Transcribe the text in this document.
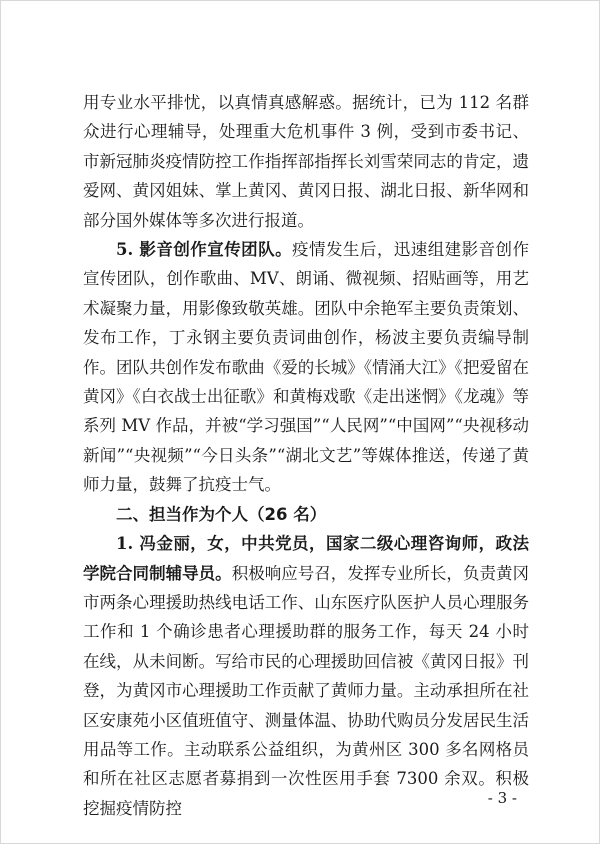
用专业水平排忧，以真情真感解惑。据统计，已为 112 名群众进行心理辅导，处理重大危机事件 3 例，受到市委书记、市新冠肺炎疫情防控工作指挥部指挥长刘雪荣同志的肯定，遗爱网、黄冈姐妹、掌上黄冈、黄冈日报、湖北日报、新华网和部分国外媒体等多次进行报道。

5. 影音创作宣传团队。疫情发生后，迅速组建影音创作宣传团队，创作歌曲、MV、朗诵、微视频、招贴画等，用艺术凝聚力量，用影像致敬英雄。团队中余艳军主要负责策划、发布工作，丁永钢主要负责词曲创作，杨波主要负责编导制作。团队共创作发布歌曲《爱的长城》《情涌大江》《把爱留在黄冈》《白衣战士出征歌》和黄梅戏歌《走出迷惘》《龙魂》等系列 MV 作品，并被“学习强国”“人民网”“中国网”“央视移动新闻”“央视频”“今日头条”“湖北文艺”等媒体推送，传递了黄师力量，鼓舞了抗疫士气。

二、担当作为个人（26 名）

1. 冯金丽，女，中共党员，国家二级心理咨询师，政法学院合同制辅导员。积极响应号召，发挥专业所长，负责黄冈市两条心理援助热线电话工作、山东医疗队医护人员心理服务工作和 1 个确诊患者心理援助群的服务工作，每天 24 小时在线，从未间断。写给市民的心理援助回信被《黄冈日报》刊登，为黄冈市心理援助工作贡献了黄师力量。主动承担所在社区安康苑小区值班值守、测量体温、协助代购员分发居民生活用品等工作。主动联系公益组织，为黄州区 300 多名网格员和所在社区志愿者募捐到一次性医用手套 7300 余双。积极挖掘疫情防控

- 3 -
